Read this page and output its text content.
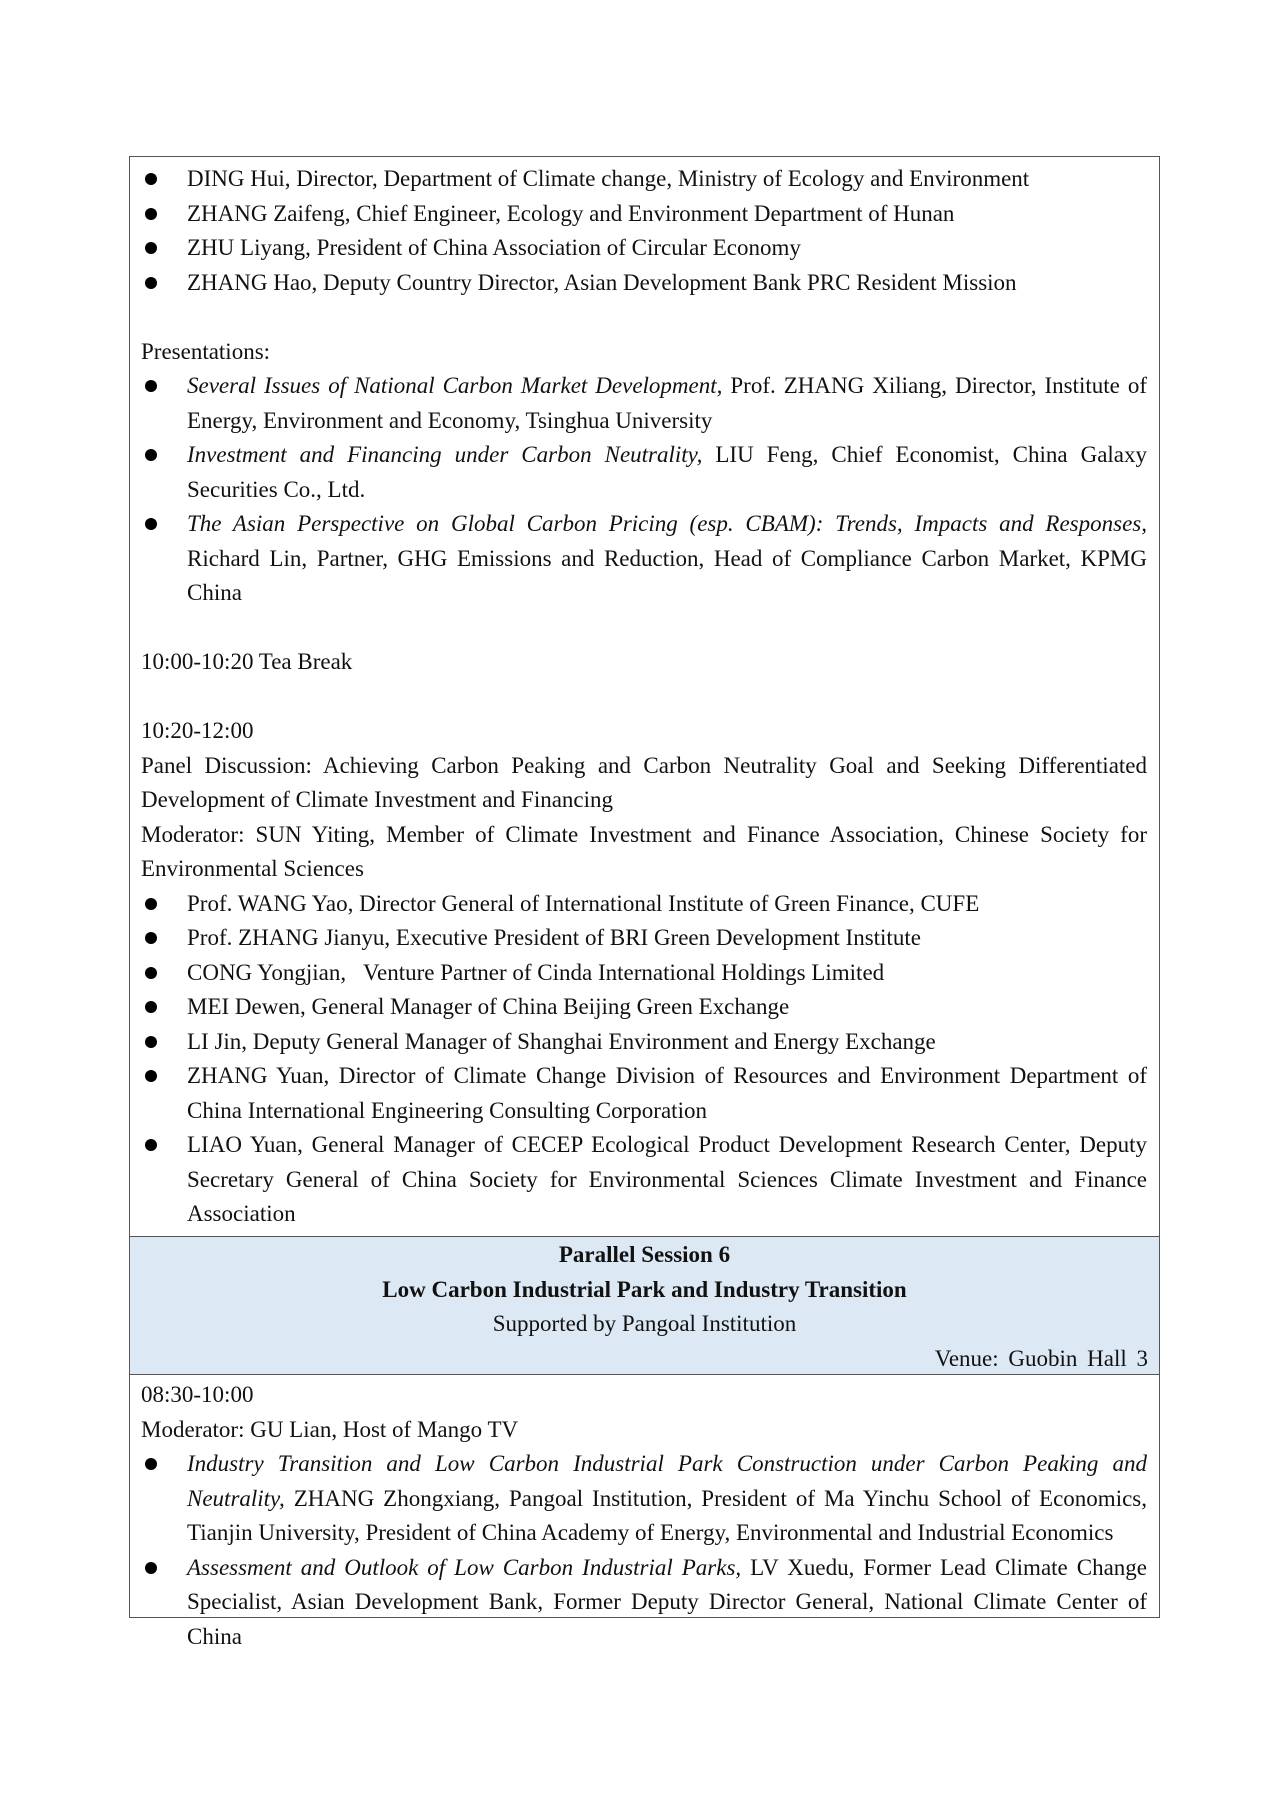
DING Hui, Director, Department of Climate change, Ministry of Ecology and Environment
ZHANG Zaifeng, Chief Engineer, Ecology and Environment Department of Hunan
ZHU Liyang, President of China Association of Circular Economy
ZHANG Hao, Deputy Country Director, Asian Development Bank PRC Resident Mission
Presentations:
Several Issues of National Carbon Market Development, Prof. ZHANG Xiliang, Director, Institute of Energy, Environment and Economy, Tsinghua University
Investment and Financing under Carbon Neutrality, LIU Feng, Chief Economist, China Galaxy Securities Co., Ltd.
The Asian Perspective on Global Carbon Pricing (esp. CBAM): Trends, Impacts and Responses, Richard Lin, Partner, GHG Emissions and Reduction, Head of Compliance Carbon Market, KPMG China
10:00-10:20 Tea Break
10:20-12:00
Panel Discussion: Achieving Carbon Peaking and Carbon Neutrality Goal and Seeking Differentiated Development of Climate Investment and Financing
Moderator: SUN Yiting, Member of Climate Investment and Finance Association, Chinese Society for Environmental Sciences
Prof. WANG Yao, Director General of International Institute of Green Finance, CUFE
Prof. ZHANG Jianyu, Executive President of BRI Green Development Institute
CONG Yongjian,   Venture Partner of Cinda International Holdings Limited
MEI Dewen, General Manager of China Beijing Green Exchange
LI Jin, Deputy General Manager of Shanghai Environment and Energy Exchange
ZHANG Yuan, Director of Climate Change Division of Resources and Environment Department of China International Engineering Consulting Corporation
LIAO Yuan, General Manager of CECEP Ecological Product Development Research Center, Deputy Secretary General of China Society for Environmental Sciences Climate Investment and Finance Association
Parallel Session 6
Low Carbon Industrial Park and Industry Transition
Supported by Pangoal Institution
Venue: Guobin Hall 3
08:30-10:00
Moderator: GU Lian, Host of Mango TV
Industry Transition and Low Carbon Industrial Park Construction under Carbon Peaking and Neutrality, ZHANG Zhongxiang, Pangoal Institution, President of Ma Yinchu School of Economics, Tianjin University, President of China Academy of Energy, Environmental and Industrial Economics
Assessment and Outlook of Low Carbon Industrial Parks, LV Xuedu, Former Lead Climate Change Specialist, Asian Development Bank, Former Deputy Director General, National Climate Center of China
